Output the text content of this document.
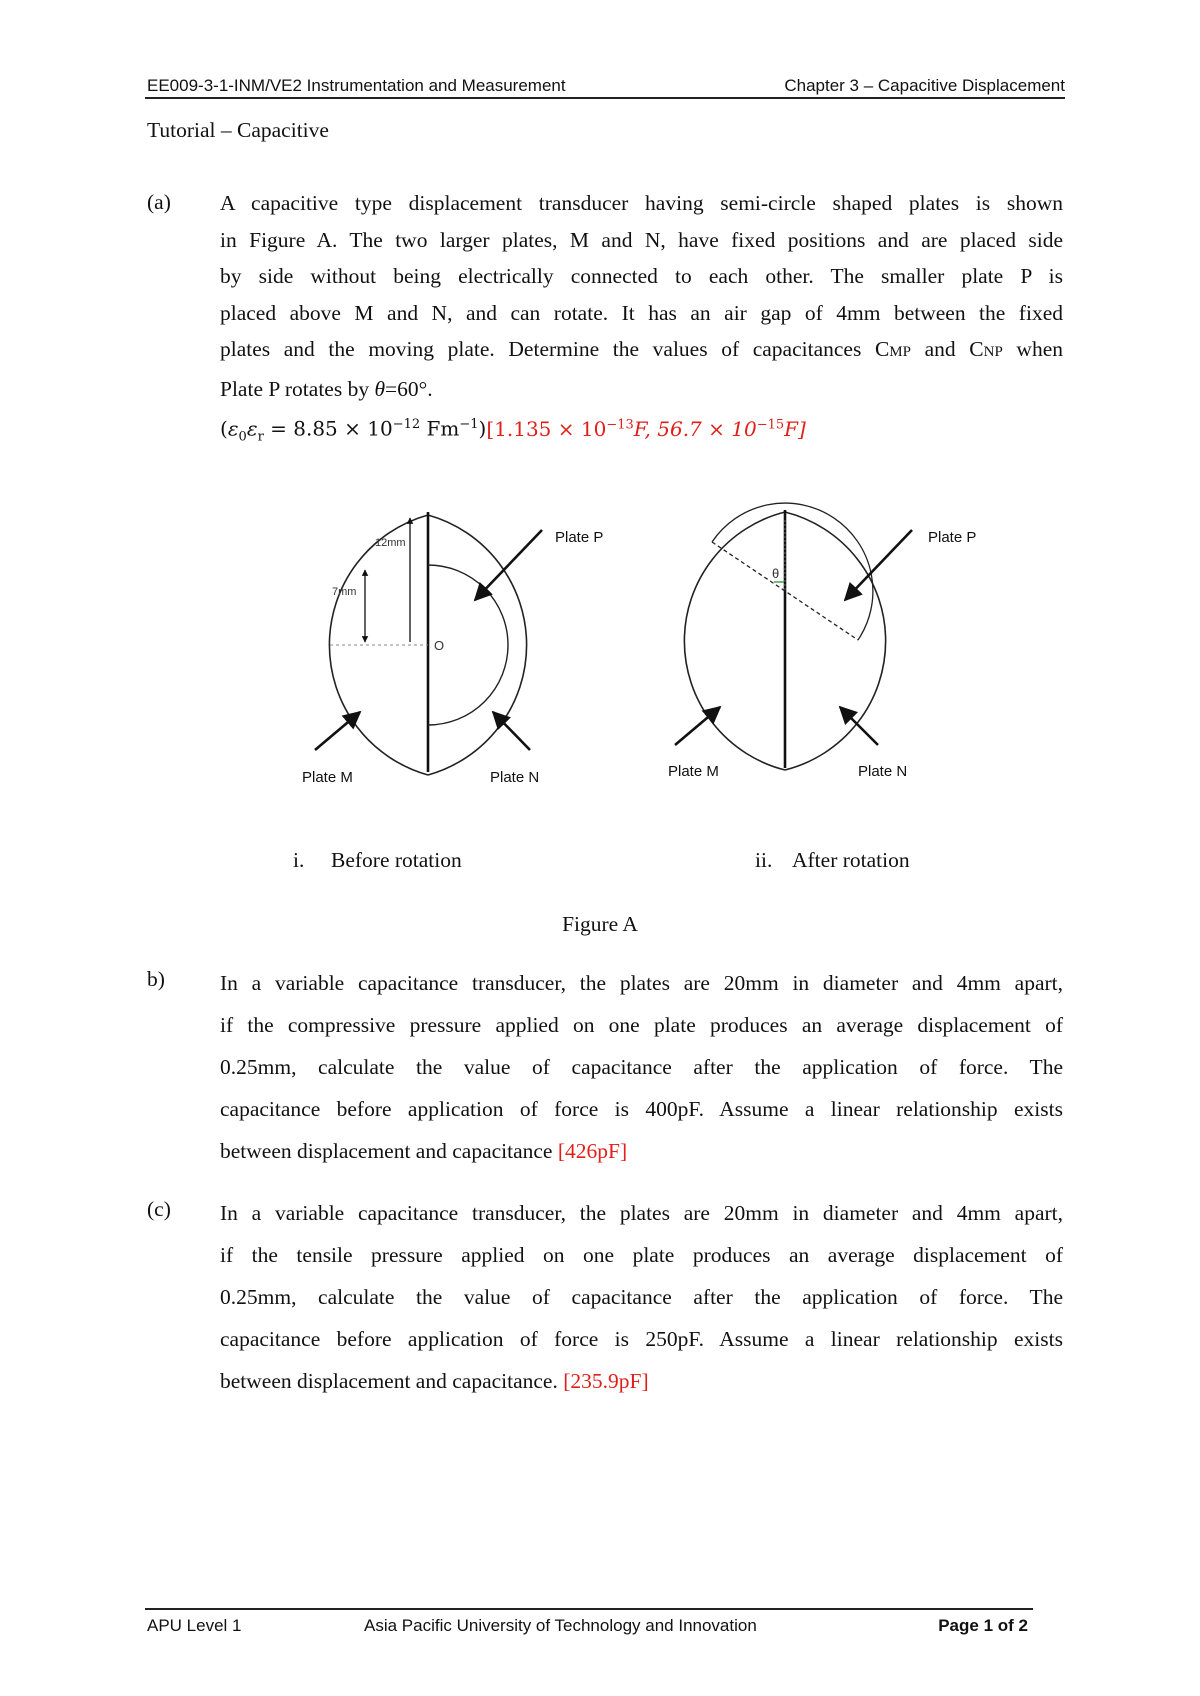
EE009-3-1-INM/VE2 Instrumentation and Measurement	Chapter 3 – Capacitive Displacement
Tutorial – Capacitive
(a) A capacitive type displacement transducer having semi-circle shaped plates is shown
in Figure A. The two larger plates, M and N, have fixed positions and are placed side
by side without being electrically connected to each other. The smaller plate P is
placed above M and N, and can rotate. It has an air gap of 4mm between the fixed
plates and the moving plate. Determine the values of capacitances CMP and CNP when
Plate P rotates by θ=60°.
($\varepsilon_0\varepsilon_r = 8.85 \times 10^{-12}$ $Fm^{-1})[1.135 \times 10^{-13}F$, $56.7 \times 10^{-15}F$]
12mm
7mm
O
Plate P
Plate M	Plate N
θ
Plate P
Plate M	Plate N
i. Before rotation	ii. After rotation
Figure A
b)	In a variable capacitance transducer, the plates are 20mm in diameter and 4mm apart,
if the compressive pressure applied on one plate produces an average displacement of
0.25mm, calculate the value of capacitance after the application of force. The
capacitance before application of force is 400pF. Assume a linear relationship exists
between displacement and capacitance [426pF]
(c) In a variable capacitance transducer, the plates are 20mm in diameter and 4mm apart,
if the tensile pressure applied on one plate produces an average displacement of
0.25mm, calculate the value of capacitance after the application of force. The
capacitance before application of force is 250pF. Assume a linear relationship exists
between displacement and capacitance. [235.9pF]
APU Level 1	Asia Pacific University of Technology and Innovation	Page 1 of 2
